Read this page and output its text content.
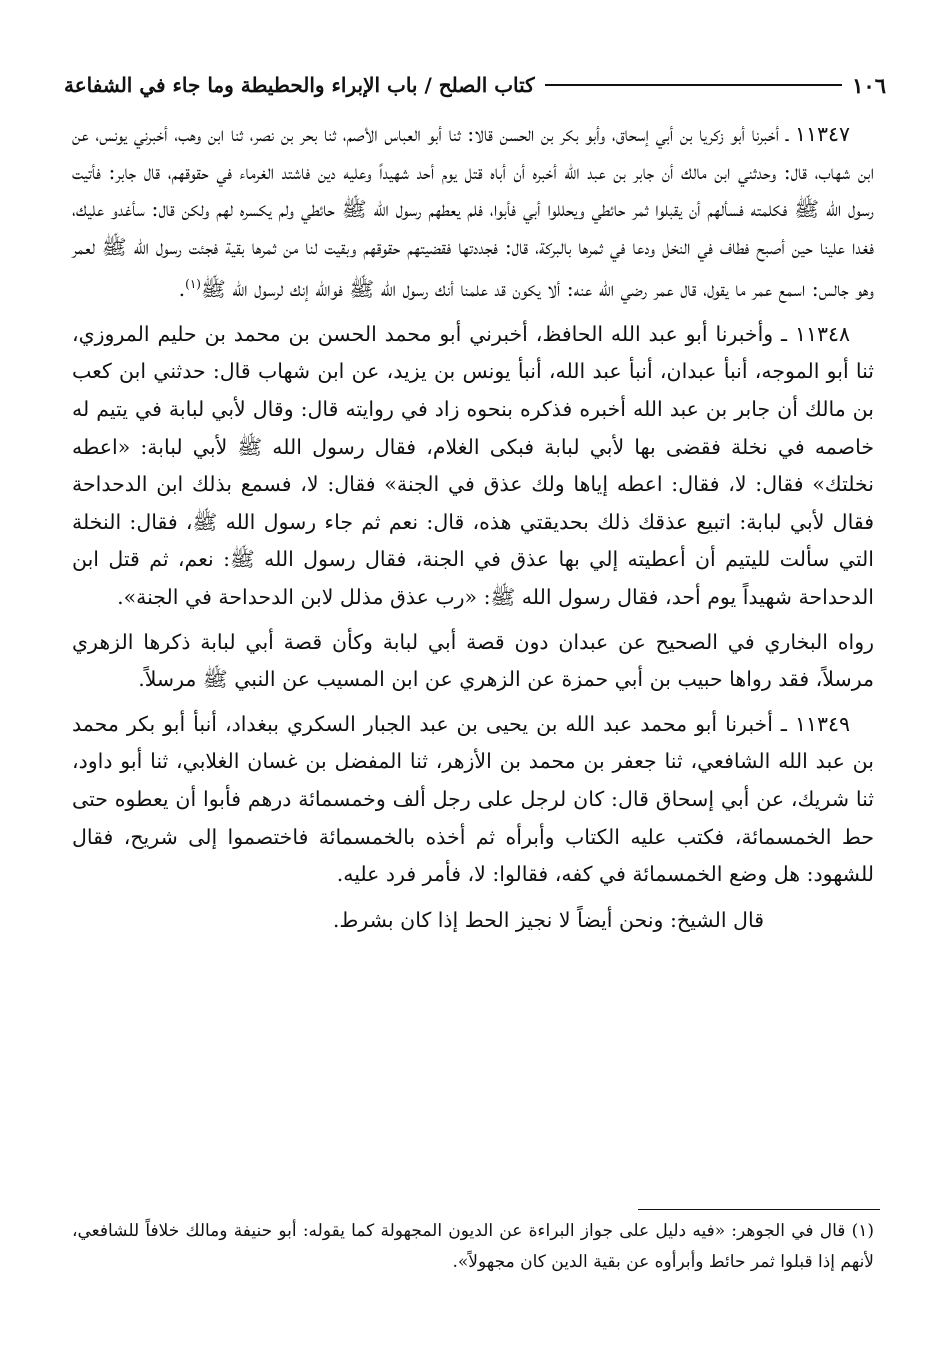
١٠٦
كتاب الصلح / باب الإبراء والحطيطة وما جاء في الشفاعة

١١٣٤٧ ـ أخبرنا أبو زكريا بن أبي إسحاق، وأبو بكر بن الحسن قالا: ثنا أبو العباس الأصم، ثنا بحر بن نصر، ثنا ابن وهب، أخبرني يونس، عن ابن شهاب، قال: وحدثني ابن مالك أن جابر بن عبد الله أخبره أن أباه قتل يوم أحد شهيداً وعليه دين فاشتد الغرماء في حقوقهم، قال جابر: فأتيت رسول الله ﷺ فكلمته فسألهم أن يقبلوا ثمر حائطي ويحللوا أبي فأبوا، فلم يعطهم رسول الله ﷺ حائطي ولم يكسره لهم ولكن قال: سأغدو عليك، فغدا علينا حين أصبح فطاف في النخل ودعا في ثمرها بالبركة، قال: فجددتها فقضيتهم حقوقهم وبقيت لنا من ثمرها بقية فجئت رسول الله ﷺ لعمر وهو جالس: اسمع عمر ما يقول، قال عمر رضي الله عنه: ألا يكون قد علمنا أنك رسول الله ﷺ فوالله إنك لرسول الله ﷺ$^{(١)}$.

١١٣٤٨ ـ وأخبرنا أبو عبد الله الحافظ، أخبرني أبو محمد الحسن بن محمد بن حليم المروزي، ثنا أبو الموجه، أنبأ عبدان، أنبأ عبد الله، أنبأ يونس بن يزيد، عن ابن شهاب قال: حدثني ابن كعب بن مالك أن جابر بن عبد الله أخبره فذكره بنحوه زاد في روايته قال: وقال لأبي لبابة في يتيم له خاصمه في نخلة فقضى بها لأبي لبابة فبكى الغلام، فقال رسول الله ﷺ لأبي لبابة: «اعطه نخلتك» فقال: لا، فقال: اعطه إياها ولك عذق في الجنة» فقال: لا، فسمع بذلك ابن الدحداحة فقال لأبي لبابة: اتبيع عذقك ذلك بحديقتي هذه، قال: نعم ثم جاء رسول الله ﷺ، فقال: النخلة التي سألت لليتيم أن أعطيته إلي بها عذق في الجنة، فقال رسول الله ﷺ: نعم، ثم قتل ابن الدحداحة شهيداً يوم أحد، فقال رسول الله ﷺ: «رب عذق مذلل لابن الدحداحة في الجنة».

رواه البخاري في الصحيح عن عبدان دون قصة أبي لبابة وكأن قصة أبي لبابة ذكرها الزهري مرسلاً، فقد رواها حبيب بن أبي حمزة عن الزهري عن ابن المسيب عن النبي ﷺ مرسلاً.

١١٣٤٩ ـ أخبرنا أبو محمد عبد الله بن يحيى بن عبد الجبار السكري ببغداد، أنبأ أبو بكر محمد بن عبد الله الشافعي، ثنا جعفر بن محمد بن الأزهر، ثنا المفضل بن غسان الغلابي، ثنا أبو داود، ثنا شريك، عن أبي إسحاق قال: كان لرجل على رجل ألف وخمسمائة درهم فأبوا أن يعطوه حتى حط الخمسمائة، فكتب عليه الكتاب وأبرأه ثم أخذه بالخمسمائة فاختصموا إلى شريح، فقال للشهود: هل وضع الخمسمائة في كفه، فقالوا: لا، فأمر فرد عليه.

قال الشيخ: ونحن أيضاً لا نجيز الحط إذا كان بشرط.

(١) قال في الجوهر: «فيه دليل على جواز البراءة عن الديون المجهولة كما يقوله: أبو حنيفة ومالك خلافاً للشافعي، لأنهم إذا قبلوا ثمر حائط وأبرأوه عن بقية الدين كان مجهولاً».
